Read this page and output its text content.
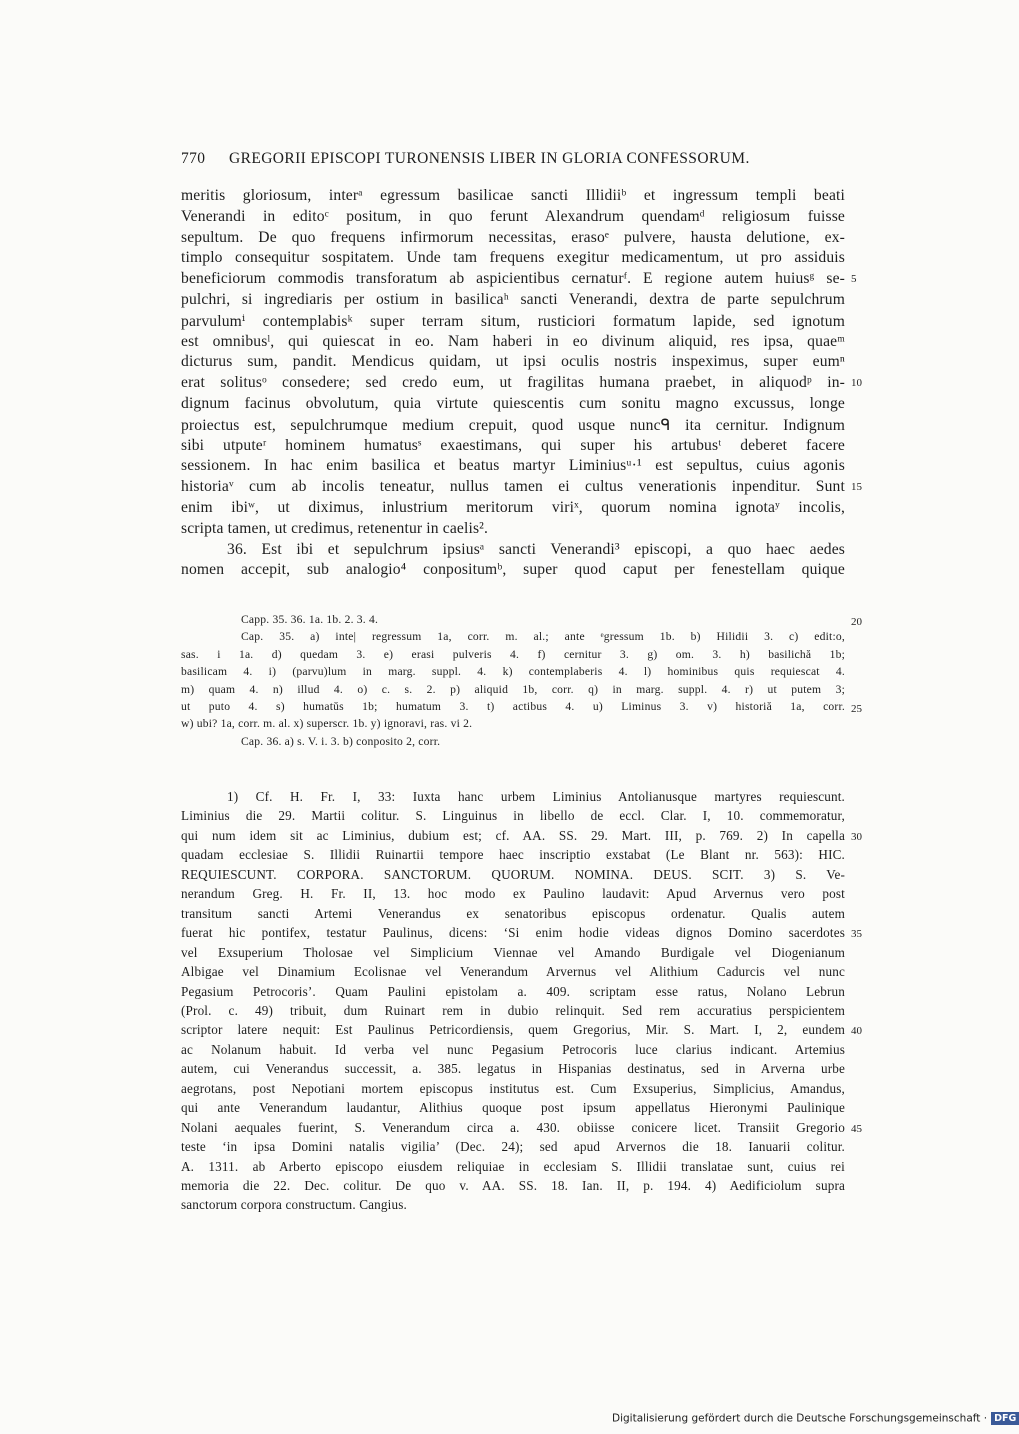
770 GREGORII EPISCOPI TURONENSIS LIBER IN GLORIA CONFESSORUM.
meritis gloriosum, interᵃ egressum basilicae sancti Illidiiᵇ et ingressum templi beati
Venerandi in editoᶜ positum, in quo ferunt Alexandrum quendamᵈ religiosum fuisse
sepultum. De quo frequens infirmorum necessitas, erasoᵉ pulvere, hausta delutione, ex-
timplo consequitur sospitatem. Unde tam frequens exegitur medicamentum, ut pro assiduis
beneficiorum commodis transforatum ab aspicientibus cernaturᶠ. E regione autem huiusᵍ se-
pulchri, si ingrediaris per ostium in basilicaʰ sancti Venerandi, dextra de parte sepulchrum
parvulumⁱ contemplabisᵏ super terram situm, rusticiori formatum lapide, sed ignotum
est omnibusˡ, qui quiescat in eo. Nam haberi in eo divinum aliquid, res ipsa, quaeᵐ
dicturus sum, pandit. Mendicus quidam, ut ipsi oculis nostris inspeximus, super eumⁿ
erat solitusᵒ consedere; sed credo eum, ut fragilitas humana praebet, in aliquodᵖ in-
dignum facinus obvolutum, quia virtute quiescentis cum sonitu magno excussus, longe
proiectus est, sepulchrumque medium crepuit, quod usque nuncᑫ ita cernitur. Indignum
sibi utputeʳ hominem humatusˢ exaestimans, qui super his artubusᵗ deberet facere
sessionem. In hac enim basilica et beatus martyr Liminiusᵘ·¹ est sepultus, cuius agonis
historiaᵛ cum ab incolis teneatur, nullus tamen ei cultus venerationis inpenditur. Sunt
enim ibiʷ, ut diximus, inlustrium meritorum viriˣ, quorum nomina ignotaʸ incolis,
scripta tamen, ut credimus, retenentur in caelis².
36. Est ibi et sepulchrum ipsiusᵃ sancti Venerandi³ episcopi, a quo haec aedes
nomen accepit, sub analogio⁴ conpositumᵇ, super quod caput per fenestellam quique
Capp. 35. 36. 1a. 1b. 2. 3. 4.
Cap. 35. a) inte| regressum 1a, corr. m. al.; ante ᵉgressum 1b. b) Hilidii 3. c) edit:o,
sas. i 1a. d) quedam 3. e) erasi pulveris 4. f) cernitur 3. g) om. 3. h) basilichă 1b;
basilicam 4. i) (parvu)lum in marg. suppl. 4. k) contemplaberis 4. l) hominibus quis requiescat 4.
m) quam 4. n) illud 4. o) c. s. 2. p) aliquid 1b, corr. q) in marg. suppl. 4. r) ut putem 3;
ut puto 4. s) humatŭs 1b; humatum 3. t) actibus 4. u) Liminus 3. v) historiă 1a, corr.
w) ubi? 1a, corr. m. al. x) superscr. 1b. y) ignoravi, ras. vi 2.
Cap. 36. a) s. V. i. 3. b) conposito 2, corr.
1) Cf. H. Fr. I, 33: Iuxta hanc urbem Liminius Antolianusque martyres requiescunt.
Liminius die 29. Martii colitur. S. Linguinus in libello de eccl. Clar. I, 10. commemoratur,
qui num idem sit ac Liminius, dubium est; cf. AA. SS. 29. Mart. III, p. 769. 2) In capella
quadam ecclesiae S. Illidii Ruinartii tempore haec inscriptio exstabat (Le Blant nr. 563): HIC.
REQUIESCUNT. CORPORA. SANCTORUM. QUORUM. NOMINA. DEUS. SCIT. 3) S. Ve-
nerandum Greg. H. Fr. II, 13. hoc modo ex Paulino laudavit: Apud Arvernus vero post
transitum sancti Artemi Venerandus ex senatoribus episcopus ordenatur. Qualis autem
fuerat hic pontifex, testatur Paulinus, dicens: ‘Si enim hodie videas dignos Domino sacerdotes
vel Exsuperium Tholosae vel Simplicium Viennae vel Amando Burdigale vel Diogenianum
Albigae vel Dinamium Ecolisnae vel Venerandum Arvernus vel Alithium Cadurcis vel nunc
Pegasium Petrocoris’. Quam Paulini epistolam a. 409. scriptam esse ratus, Nolano Lebrun
(Prol. c. 49) tribuit, dum Ruinart rem in dubio relinquit. Sed rem accuratius perspicientem
scriptor latere nequit: Est Paulinus Petricordiensis, quem Gregorius, Mir. S. Mart. I, 2, eundem
ac Nolanum habuit. Id verba vel nunc Pegasium Petrocoris luce clarius indicant. Artemius
autem, cui Venerandus successit, a. 385. legatus in Hispanias destinatus, sed in Arverna urbe
aegrotans, post Nepotiani mortem episcopus institutus est. Cum Exsuperius, Simplicius, Amandus,
qui ante Venerandum laudantur, Alithius quoque post ipsum appellatus Hieronymi Paulinique
Nolani aequales fuerint, S. Venerandum circa a. 430. obiisse conicere licet. Transiit Gregorio
teste ‘in ipsa Domini natalis vigilia’ (Dec. 24); sed apud Arvernos die 18. Ianuarii colitur.
A. 1311. ab Arberto episcopo eiusdem reliquiae in ecclesiam S. Illidii translatae sunt, cuius rei
memoria die 22. Dec. colitur. De quo v. AA. SS. 18. Ian. II, p. 194. 4) Aedificiolum supra
sanctorum corpora constructum. Cangius.
Digitalisierung gefördert durch die Deutsche Forschungsgemeinschaft · DFG
5
10
15
20
25
30
35
40
45
